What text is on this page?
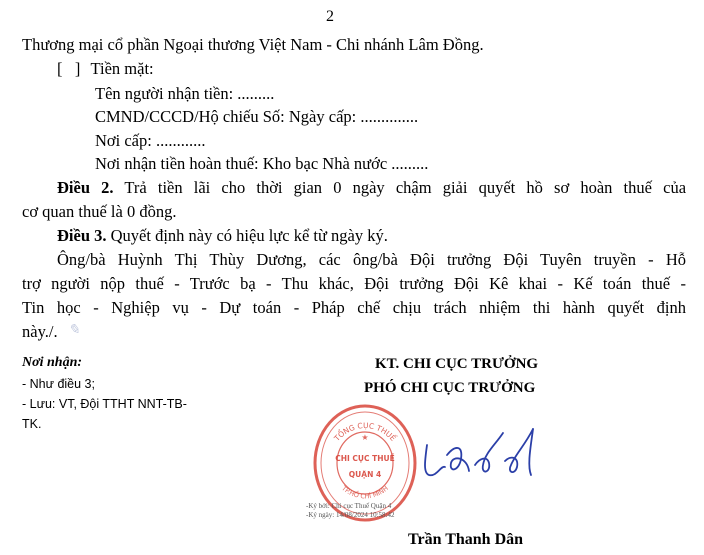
2
Thương mại cổ phần Ngoại thương Việt Nam - Chi nhánh Lâm Đồng.
[   ] Tiền mặt:
Tên người nhận tiền: .........
CMND/CCCD/Hộ chiếu Số: Ngày cấp: ..............
Nơi cấp: ............
Nơi nhận tiền hoàn thuế: Kho bạc Nhà nước .........
Điều 2. Trả tiền lãi cho thời gian 0 ngày chậm giải quyết hồ sơ hoàn thuế của
cơ quan thuế là 0 đồng.
Điều 3. Quyết định này có hiệu lực kể từ ngày ký.
Ông/bà Huỳnh Thị Thùy Dương, các ông/bà Đội trưởng Đội Tuyên truyền - Hỗ
trợ người nộp thuế - Trước bạ - Thu khác, Đội trưởng Đội Kê khai - Kế toán thuế -
Tin học - Nghiệp vụ - Dự toán - Pháp chế chịu trách nhiệm thi hành quyết định
này./. ✎
Nơi nhận:
- Như điều 3;
- Lưu: VT, Đội TTHT NNT-TB-
TK.
KT. CHI CỤC TRƯỞNG
PHÓ CHI CỤC TRƯỞNG
TỔNG CỤC THUẾ
TP.HỒ CHÍ MINH
CHI CỤC THUẾ
QUẬN 4
★
-Ký bởi: Chi cục Thuế Quận 4
-Ký ngày: 14/08/2024 10:58:42
Trần Thanh Dân
